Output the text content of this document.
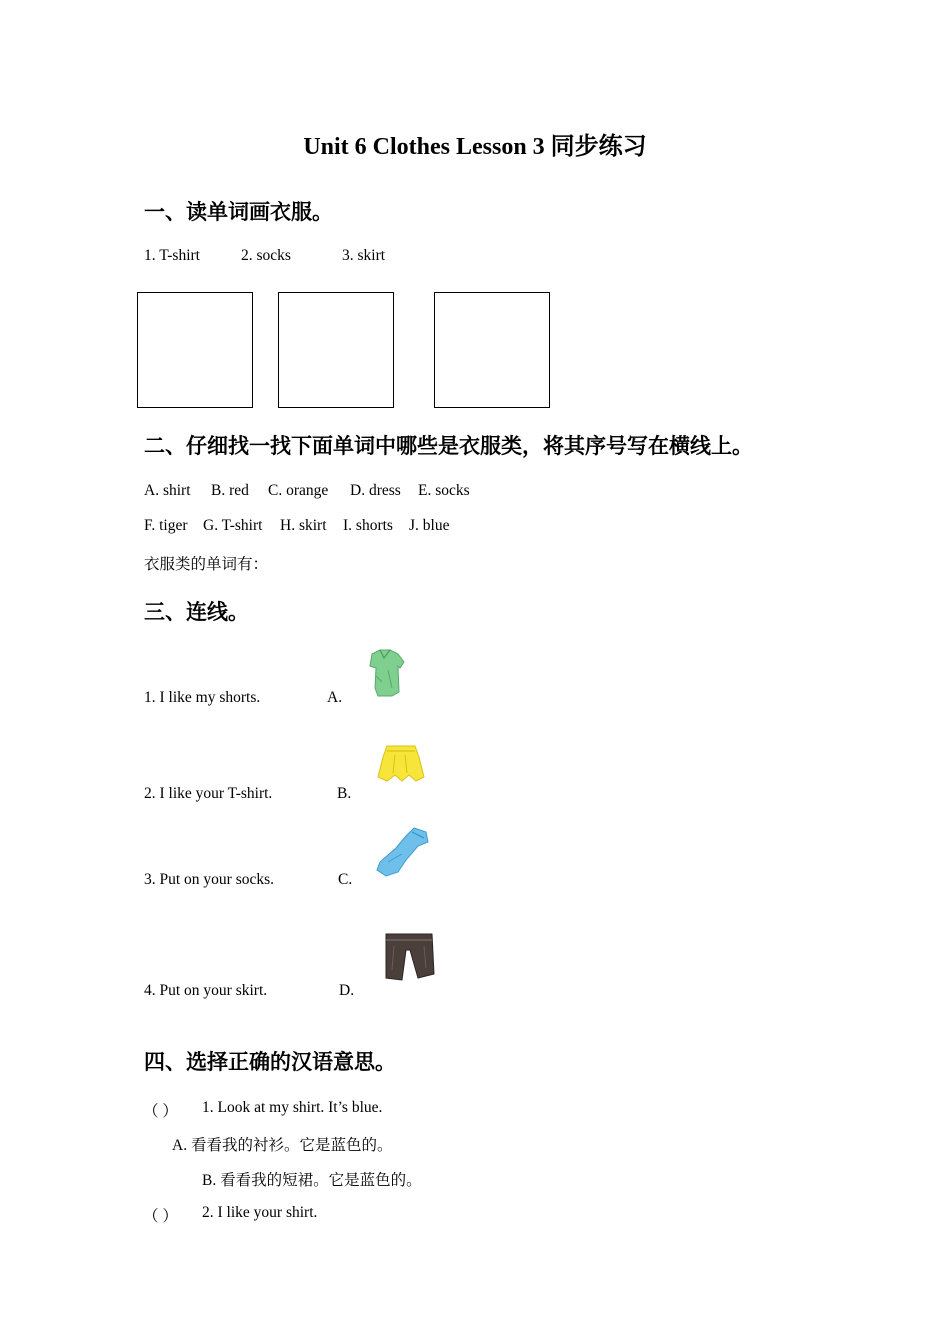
Unit 6 Clothes Lesson 3 同步练习
一、读单词画衣服。
1. T-shirt	2. socks	3. skirt
二、仔细找一找下面单词中哪些是衣服类，将其序号写在横线上。
A. shirt B. red C. orange D. dress E. socks
F. tiger G. T-shirt H. skirt I. shorts J. blue
衣服类的单词有：
三、连线。
1. I like my shorts.	A.
2. I like your T-shirt.	B.
3. Put on your socks.	C.
4. Put on your skirt.	D.
四、选择正确的汉语意思。
（ ） 1. Look at my shirt. It’s blue.
A. 看看我的衬衫。它是蓝色的。
B. 看看我的短裙。它是蓝色的。
（ ） 2. I like your shirt.
